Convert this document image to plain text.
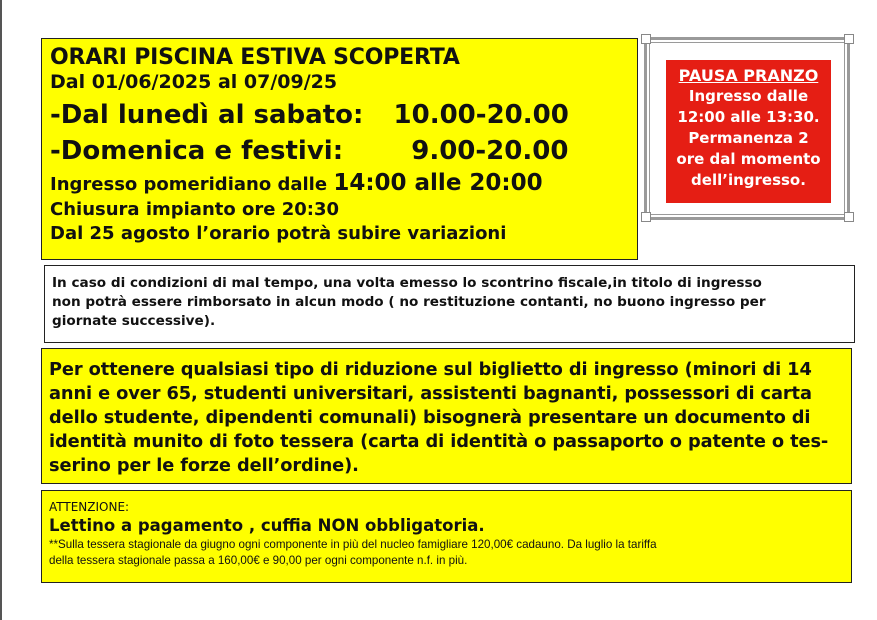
ORARI PISCINA ESTIVA SCOPERTA
Dal 01/06/2025 al 07/09/25
-Dal lunedì al sabato: 10.00-20.00
-Domenica e festivi:	9.00-20.00
Ingresso pomeridiano dalle 14:00 alle 20:00
Chiusura impianto ore 20:30
Dal 25 agosto l’orario potrà subire variazioni
PAUSA PRANZO
Ingresso dalle
12:00 alle 13:30.
Permanenza 2
ore dal momento
dell’ingresso.
In caso di condizioni di mal tempo, una volta emesso lo scontrino fiscale,in titolo di ingresso
non potrà essere rimborsato in alcun modo ( no restituzione contanti, no buono ingresso per
giornate successive).
Per ottenere qualsiasi tipo di riduzione sul biglietto di ingresso (minori di 14
anni e over 65, studenti universitari, assistenti bagnanti, possessori di carta
dello studente, dipendenti comunali) bisognerà presentare un documento di
identità munito di foto tessera (carta di identità o passaporto o patente o tes-
serino per le forze dell’ordine).
ATTENZIONE:
Lettino a pagamento , cuffia NON obbligatoria.
**Sulla tessera stagionale da giugno ogni componente in più del nucleo famigliare 120,00€ cadauno. Da luglio la tariffa
della tessera stagionale passa a 160,00€ e 90,00 per ogni componente n.f. in più.
